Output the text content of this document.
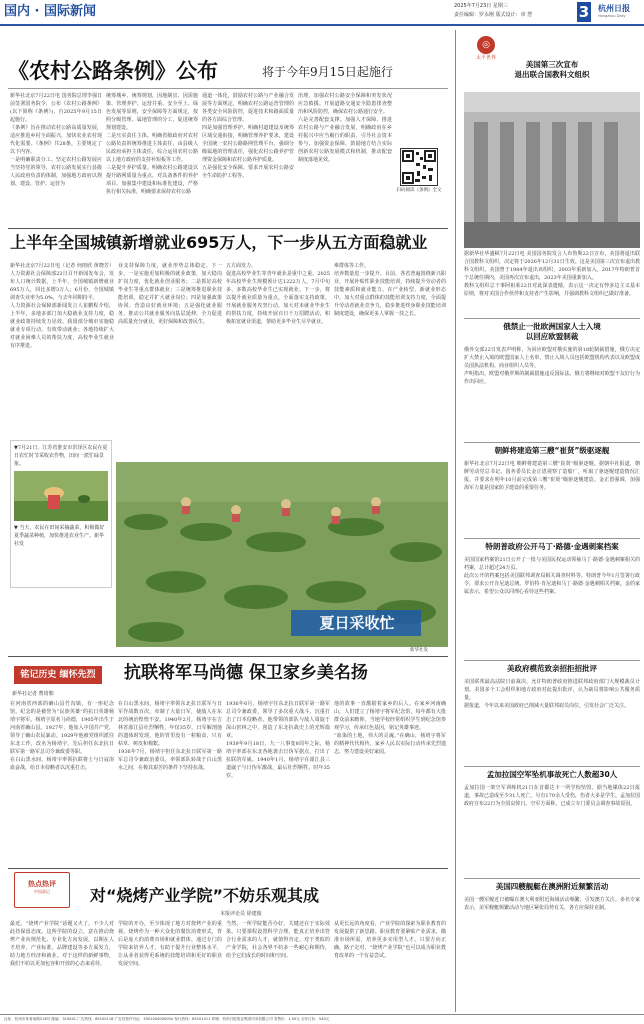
国内 · 国际新闻	2025年7月23日 星期三
责任编辑：罗永刚 版式设计：章 慧	3 杭州日报
Hangzhou Daily
《农村公路条例》公布	将于今年9月15日起施行
新华社北京7月22日电 国务院总理李强日前签署国务院令，公布《农村公路条例》(以下简称《条例》)，自2025年9月15日起施行。
《条例》旨在推动农村公路高质量发展，适应推进乡村全面振兴，加快农业农村现代化需要。《条例》共28条，主要规定了以下内容。
一是明确职责分工。坚定农村公路发展应当坚持党的领导，农村公路发展实行县级人民政府负责的体制，加强地方政府以规划、建设、管护、运营为
统筹城乡、统筹规划，因地制宜、因需施策、管理养护、运营并重、安全至上、绿色发展等原则，安全保障等方面规定，按照分级管理、属地管理的分工，促进统筹规划建设。
二是压实责任主体。明确省级政府对农村公路负责的统筹推进主体责任，由县级人民政府承担主体责任，综合运用农村公路以上地方政府的支持补短板等工作。
三是提升养护质量。明确农村公路建设以提升路网质量为重点，对具备条件的养护项目，加强集中建设和标准化建设，严格执行相关标准，明确要求保持农村公路
通道一体化，鼓励农村公路与产业融合发展等方面规定，明确农村公路运营管理的各类安全风险防控，促进技术和路面质量的各方面综合管理。
四是加强管理养护。明确村道建设及统筹区域交通衔接，明确管理养护要求，建设全国统一农村公路路网管理平台，强调分级属地的管理责任，强化农村公路养护管理资金保障和农村公路养护质量。
五是强化安全保障。要求开展农村公路安全生命防护工程等。
治理，加强农村公路安全保障和突发状况应急救援。开展道路交通安全隐患排查整治和风险防控，确保农村公路通行安全。
六是完善配套支撑。加强人才保障、推进农村公路与产业融合发展，明确政府在乡村振兴中应当履行的职责，引导社会资本参与，加强资金保障，鼓励地方结合实际创新农村公路发展模式和机制，推动配套制度落地见效。
扫码阅读《条例》全文
上半年全国城镇新增就业695万人，下一步从五方面稳就业
新华社北京7月22日电（记者 何雨欣 黄晓芳）人力资源社会保障部22日召开新闻发布会，发布人口统计数据。上半年，全国城镇新增就业695万人，同比多增3万人；6月份，全国城镇调查失业率为5.0%，与去年同期持平。
人力资源社会保障部新闻发言人崔鹏程介绍，上半年，多地多部门加大稳就业支持力度，稳就业政策持续发力见效。我国部分城市实施稳就业专项行动，有效带动就业；各地持续扩大对就业困难人员的帮扶力度，高校毕业生就业有序推进。
业支持保障力度，就业形势总体稳定。下一步，一是实施更加积极的就业政策，加大稳岗扩岗力度，优化就业创业服务；二是抓好高校毕业生等重点群体就业；三是统筹推进职业技能培训，稳定并扩大就业岗位；四是加强政策协同，营造良好就业环境；五是强化就业服务，推动公共就业服务向基层延伸，全力促进高质量充分就业，更好保障和改善民生。
五方面发力。
促进高校毕业生等青年就业是重中之重。2025年高校毕业生规模预计达1222万人，7月中旬多，多数高校毕业生已实现就业。下一步，将以提升就业质量为重点，全面落实支持政策，开展就业服务攻坚行动，加大对未就业毕业生的帮扶力度，持续开展百日千万招聘活动，积极拓宽就业渠道，帮助更多毕业生尽早就业。
难群体等工作。
培养数量进一步提升。目前，各省普遍围绕新兴职业，开展补贴性职业技能培训，持续提升劳动者的技能素质和就业能力。在产业转型、新就业形态中，加大对重点群体的技能培训支持力度，全面提升劳动者就业竞争力，稳步推进终身职业技能培训制度建设，确保更多人掌握一技之长。
▼7月21日，江苏省淮安市洪泽区农民在夏日农忙时节采收农作物，田间一派忙碌景象。
▼ 当天，农民在田间采摘蔬菜，积极做好夏季蔬菜种植，加快推进农业生产。新华社发
夏日采收忙
新华社发
铭记历史 缅怀先烈	抗联将军马尚德 保卫家乡美名扬
新华社记者 曹琦朝
在河南省西部的确山县竹沟镇，有一座纪念馆，纪念的是被誉为“民族英雄”的抗日英雄杨靖宇将军。杨靖宇原名马尚德，1905年出生于河南省确山县。1927年，他加入中国共产党，领导了确山农民暴动。1929年他被党组织派往东北工作，改名为杨靖宇，先后担任东北抗日联军第一路军总司令兼政委等职。
在白山黑水间，杨靖宇率领抗联将士与日寇浴血奋战，给日本侵略者以沉重打击。
在白山黑水间，杨靖宇率领东北抗日联军与日军作战数百次，牵制了大量日军，使敌人在东北的统治惶惶不安。1940年2月，杨靖宇在吉林省濛江县壮烈牺牲，年仅35岁。日军解剖他的遗体时发现，他的胃里没有一粒粮食，只有枯草、树皮和棉絮。
1936年7月，杨靖宇担任东北抗日联军第一路军总司令兼政治委员，率领部队转战于白山黑水之间，在极其艰苦的条件下坚持抗战。
1936年6月，杨靖宇任东北抗日联军第一路军总司令兼政委，领导了多次重大战斗，沉重打击了日本侵略者。他带领的部队与敌人周旋于深山密林之中，创造了东北抗战史上的光辉篇章。
1939年9月18日，九一八事变8周年之际，杨靖宇率部在东北各地袭击日伪军据点，打出了抗联的军威。1940年1月，杨靖宇在濛江县三道崴子与日伪军激战，最后壮烈牺牲，时年35岁。
他的故事一直激励着家乡的后人。在家乡河南确山，人们建立了杨靖宇将军纪念馆，每年都有大批群众前来瞻仰。当地学校经常组织学生到纪念馆参观学习，传承红色基因，铭记英雄事迹。
“血染的土地，伟大的灵魂。”在确山，杨靖宇将军的精神代代相传，家乡人民以实际行动传承先烈遗志，努力建设美好家园。
热点热评
中国政记	对“烧烤产业学院”不妨乐观其成
本报评论员 徐建俊
最近，“烧烤产业学院”话题又火了，不少人对此持保留态度。这所学院的设立，意在推动烧烤产业向规范化、专业化方向发展，以期在人才培养、产业标准、品牌建设等多方面发力，助力地方经济和就业。对于这样的新鲜事物，我们不妨以更加包容和开放的心态来看待。
学院的开办，至少体现了地方对烧烤产业的重视。烧烤作为一种大众化的餐饮消费形式，背后是庞大的消费市场和就业群体。通过专门的学院来培养人才，有助于提升行业整体水平，让从业者获得更系统的技能培训和更好的职业发展空间。
当然，一所学院能否办好，关键还在于实际效果。只要课程设置科学合理，能真正培养出符合行业需求的人才，就值得肯定。对于类似的产业学院，社会各界不妨多一些耐心和期待，给予它们成长的时间和空间。
从更长远的角度看，产业学院的探索为职业教育的发展提供了新思路。职业教育要紧贴产业需求，瞄准市场所需，培养更多实用型人才。只要方向正确、路子走对，“烧烤产业学院”也可以成为职业教育改革的一个有益尝试。
◎
太平世界
美国第三次宣布
退出联合国教科文组织
据新华社华盛顿7月22日电 美国国务院发言人布鲁斯22日宣布，美国将退出联合国教科文组织，决定将于2026年12月31日生效。这是美国第三次宣布退出教科文组织。美国曾于1984年退出该组织，2003年重新加入。2017年特朗普首个总统任期内，美国再次宣布退出，2023年美国重新加入。
教科文组织总干事阿祖莱22日对此深表遗憾，表示这一决定有悖多边主义基本原则，将对美国合作伙伴和支持者产生影响，并强调教科文组织已做好准备。
俄禁止一批欧洲国家人士入境
以回应欧盟制裁
俄外交部22日发表声明称，为回应欧盟对俄实施的第18轮制裁措施，俄方决定扩大禁止入境的欧盟国家人士名单，禁止入境人员包括欧盟机构代表以及欧盟成员国执法机构、商业组织人员等。
声明指出，欧盟对俄罗斯的制裁措施违反国际法，俄方将继续对欧盟不友好行为作出回应。
朝鲜将建造第三艘“崔贤”级驱逐舰
新华社北京7月22日电 朝鲜将建造第三艘“崔贤”级驱逐舰。据朝中社报道，朝鲜劳动党总书记、国务委员长金正恩视察了造船厂，听取了驱逐舰建造情况汇报，并要求在明年10月前完成第三艘“崔贤”级驱逐舰建造。金正恩强调，加强海军力量是国家防卫建设的重要任务。
特朗普政府公开马丁·路德·金遇刺案档案
美国国家档案馆21日公开了一批与美国民权运动领袖马丁·路德·金遇刺案相关的档案，总计超过24万页。
此次公开的档案包括美国联邦调查局相关调查材料等。特朗普今年1月签署行政令，要求公开肯尼迪总统、罗伯特·肯尼迪和马丁·路德·金遇刺相关档案。金的家属表示，希望公众以同理心看待这些档案。
美政府模范致亲招拒招批评
美国联邦最高法院日前裁决，允许特朗普政府推进联邦政府部门大规模裁员计划。美国多个工会组织和地方政府对此提出批评，认为裁员将影响公共服务质量。
据报道，今年以来美国政府已削减大量联邦雇员岗位，引发社会广泛关注。
孟加拉国空军坠机事故死亡人数超30人
孟加拉国一架空军训练机21日在首都达卡一所学校坠毁。据当地媒体22日报道，事故已造成至少31人死亡，另有170余人受伤，伤者大多是学生。孟加拉国政府宣布22日为全国哀悼日。空军方面称，已成立专门委员会调查事故原因。
美国四艘舰艇在澳洲附近频繁活动
美国一艘军舰近日被曝在澳大利亚附近海域活动频繁，引发澳方关注。多名专家表示，美军舰艇频繁活动与地区紧张局势有关，各方应保持克制。
社址：杭州市体育场路218号 邮编：310041 广告热线：85100118 广告经营许可证：3301004000004 发行热线：85101011 印刷：杭州日报报业集团印务有限公司 零售价：1.50元 全年订价：540元
